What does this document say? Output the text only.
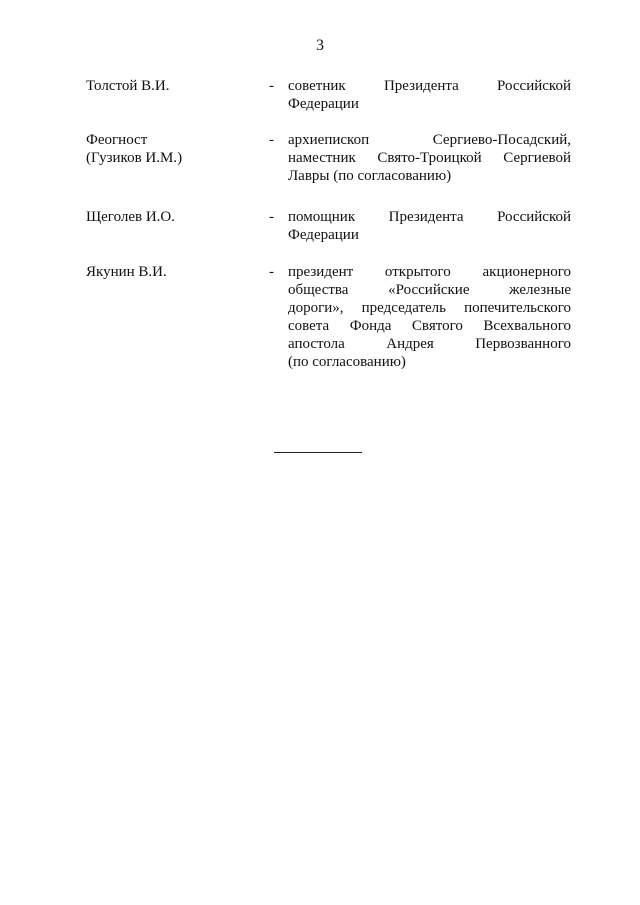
3
Толстой В.И.	- советник Президента Российской
Федерации
Феогност
(Гузиков И.М.)
- архиепископ Сергиево-Посадский,
наместник Свято-Троицкой Сергиевой
Лавры (по согласованию)
Щеголев И.О.	- помощник Президента Российской
Федерации
Якунин В.И.	- президент открытого акционерного
общества «Российские железные
дороги», председатель попечительского
совета Фонда Святого Всехвального
апостола Андрея Первозванного
(по согласованию)
